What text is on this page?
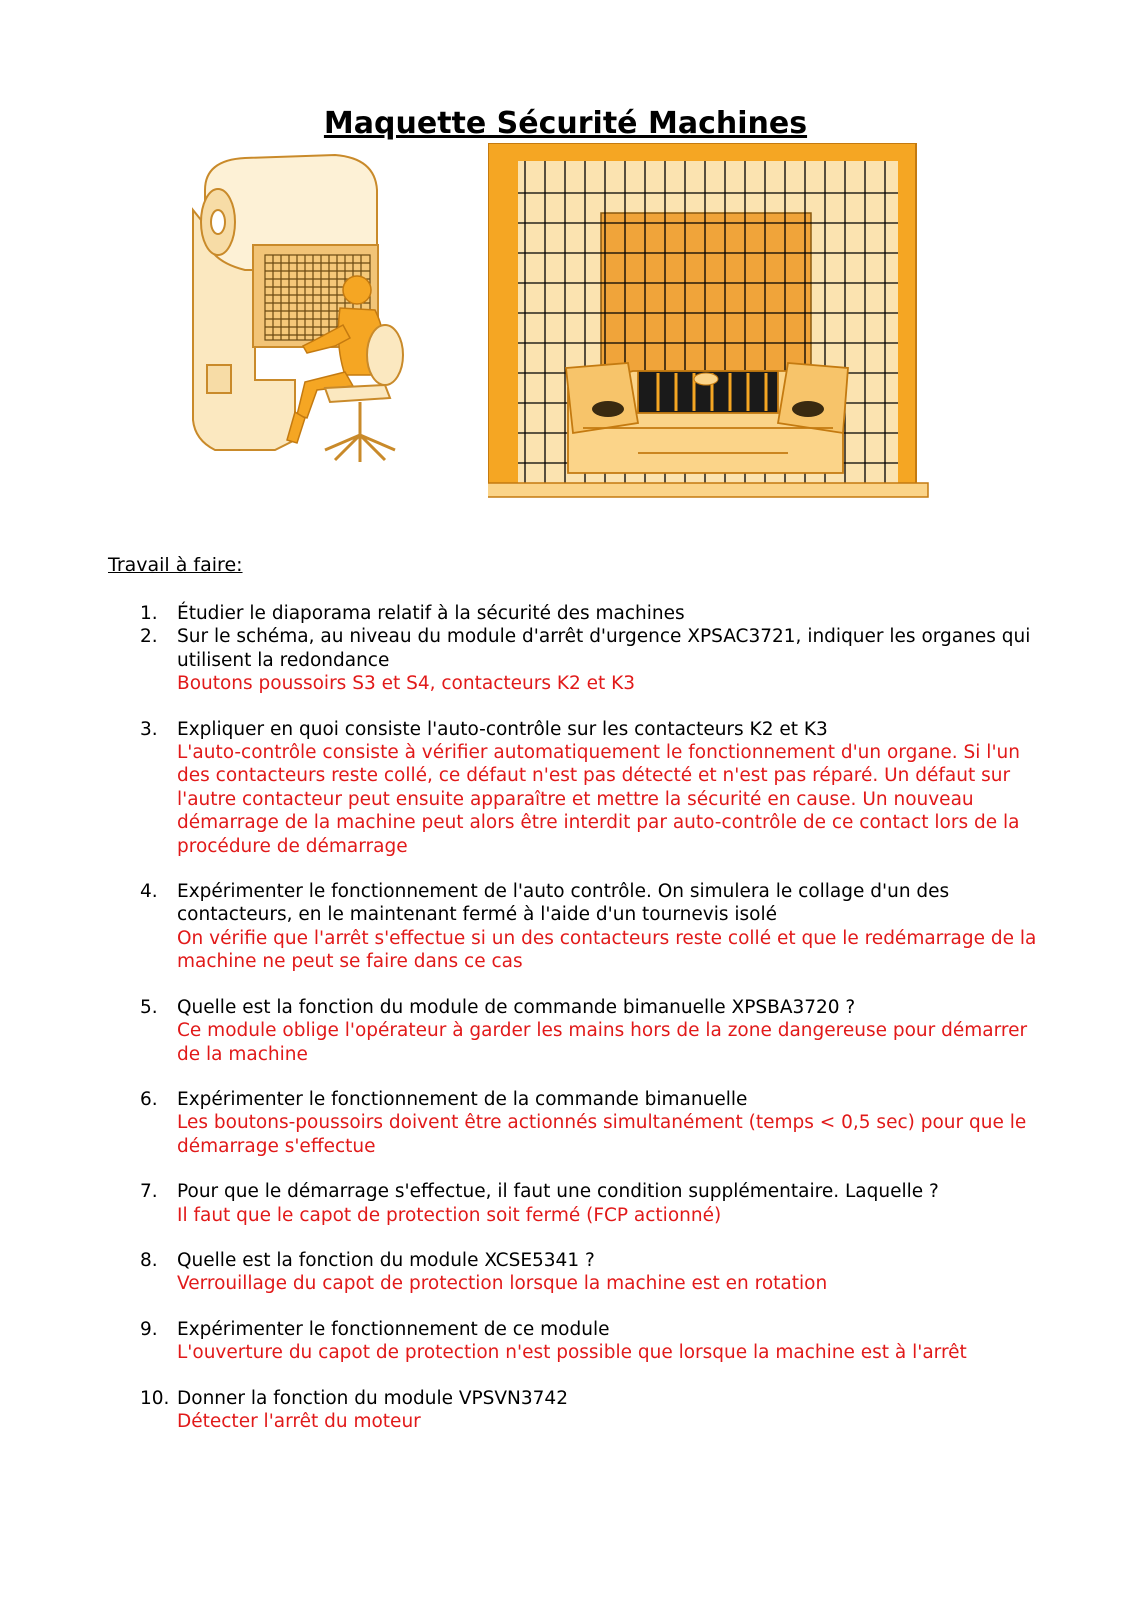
Maquette Sécurité Machines
Travail à faire:
1.	Étudier le diaporama relatif à la sécurité des machines
2.	Sur le schéma, au niveau du module d'arrêt d'urgence XPSAC3721, indiquer les organes qui utilisent la redondance
Boutons poussoirs S3 et S4, contacteurs K2 et K3
3.	Expliquer en quoi consiste l'auto-contrôle sur les contacteurs K2 et K3
L'auto-contrôle consiste à vérifier automatiquement le fonctionnement d'un organe. Si l'un des contacteurs reste collé, ce défaut n'est pas détecté et n'est pas réparé. Un défaut sur l'autre contacteur peut ensuite apparaître et mettre la sécurité en cause. Un nouveau démarrage de la machine peut alors être interdit par auto-contrôle de ce contact lors de la procédure de démarrage
4.	Expérimenter le fonctionnement de l'auto contrôle. On simulera le collage d'un des contacteurs, en le maintenant fermé à l'aide d'un tournevis isolé
On vérifie que l'arrêt s'effectue si un des contacteurs reste collé et que le redémarrage de la machine ne peut se faire dans ce cas
5.	Quelle est la fonction du module de commande bimanuelle XPSBA3720 ?
Ce module oblige l'opérateur à garder les mains hors de la zone dangereuse pour démarrer de la machine
6.	Expérimenter le fonctionnement de la commande bimanuelle
Les boutons-poussoirs doivent être actionnés simultanément (temps < 0,5 sec) pour que le démarrage s'effectue
7.	Pour que le démarrage s'effectue, il faut une condition supplémentaire. Laquelle ?
Il faut que le capot de protection soit fermé (FCP actionné)
8.	Quelle est la fonction du module XCSE5341 ?
Verrouillage du capot de protection lorsque la machine est en rotation
9.	Expérimenter le fonctionnement de ce module
L'ouverture du capot de protection n'est possible que lorsque la machine est à l'arrêt
10. Donner la fonction du module VPSVN3742
Détecter l'arrêt du moteur
